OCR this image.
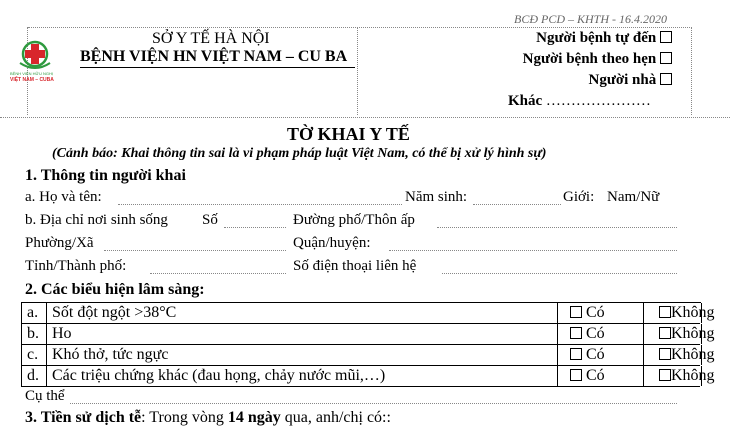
BCĐ PCD – KHTH - 16.4.2020
BỆNH VIỆN HỮU NGHỊ
VIỆT NAM – CUBA
SỞ Y TẾ HÀ NỘI
BỆNH VIỆN HN VIỆT NAM – CU BA
Người bệnh tự đến
Người bệnh theo hẹn
Người nhà
Khác …………………
TỜ KHAI Y TẾ
(Cảnh báo: Khai thông tin sai là vi phạm pháp luật Việt Nam, có thể bị xử lý hình sự)
1. Thông tin người khai
a. Họ và tên:	Năm sinh:	Giới: Nam/Nữ
b. Địa chỉ nơi sinh sống Số	Đường phố/Thôn ấp
Phường/Xã	Quận/huyện:
Tỉnh/Thành phố:	Số điện thoại liên hệ
2. Các biểu hiện lâm sàng:
a. Sốt đột ngột >38°C	Có	Không
b. Ho	Có	Không
c. Khó thở, tức ngực	Có	Không
d. Các triệu chứng khác (đau họng, chảy nước mũi,…)	Có	Không
Cụ thể
3. Tiền sử dịch tễ: Trong vòng 14 ngày qua, anh/chị có::
